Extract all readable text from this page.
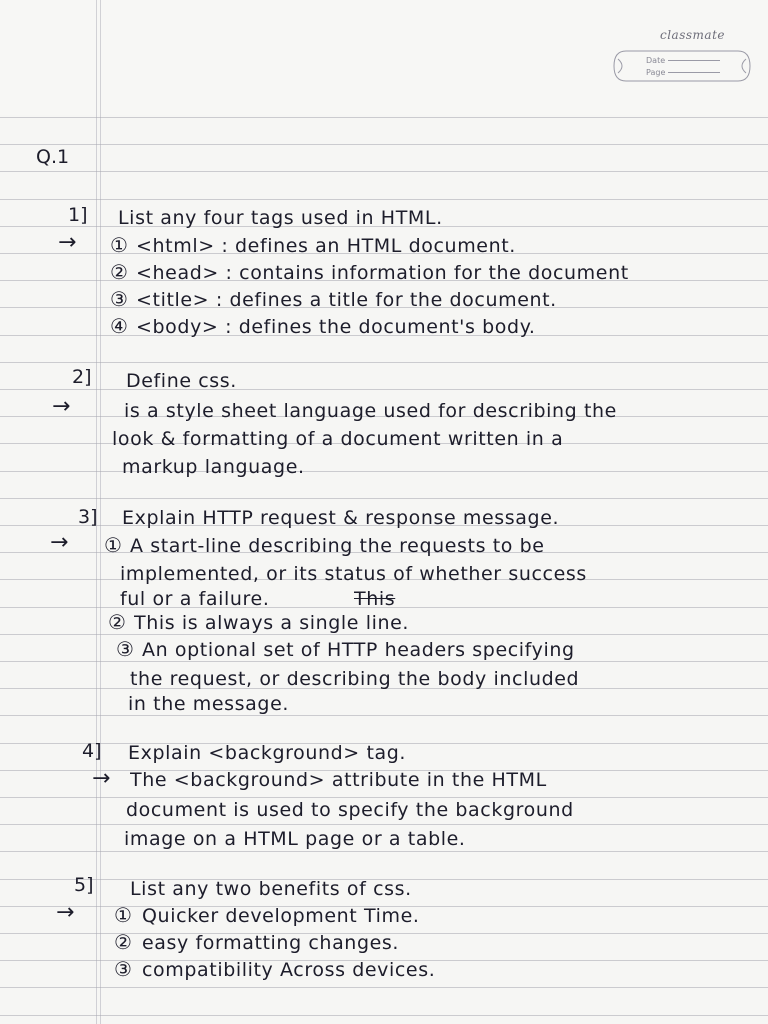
classmate
Date
Page
Q.1
1] List any four tags used in HTML.
→ ① <html> : defines an HTML document.
② <head> : contains information for the document
③ <title> : defines a title for the document.
④ <body> : defines the document's body.
2] Define css.
→	is a style sheet language used for describing the
look & formatting of a document written in a
markup language.
3] Explain HTTP request & response message.
→ ① A start-line describing the requests to be
implemented, or its status of whether success
ful or a failure.	This
② This is always a single line.
③ An optional set of HTTP headers specifying
the request, or describing the body included
in the message.
4] Explain <background> tag.
→ The <background> attribute in the HTML
document is used to specify the background
image on a HTML page or a table.
5] List any two benefits of css.
→ ① Quicker development Time.
② easy formatting changes.
③ compatibility Across devices.
